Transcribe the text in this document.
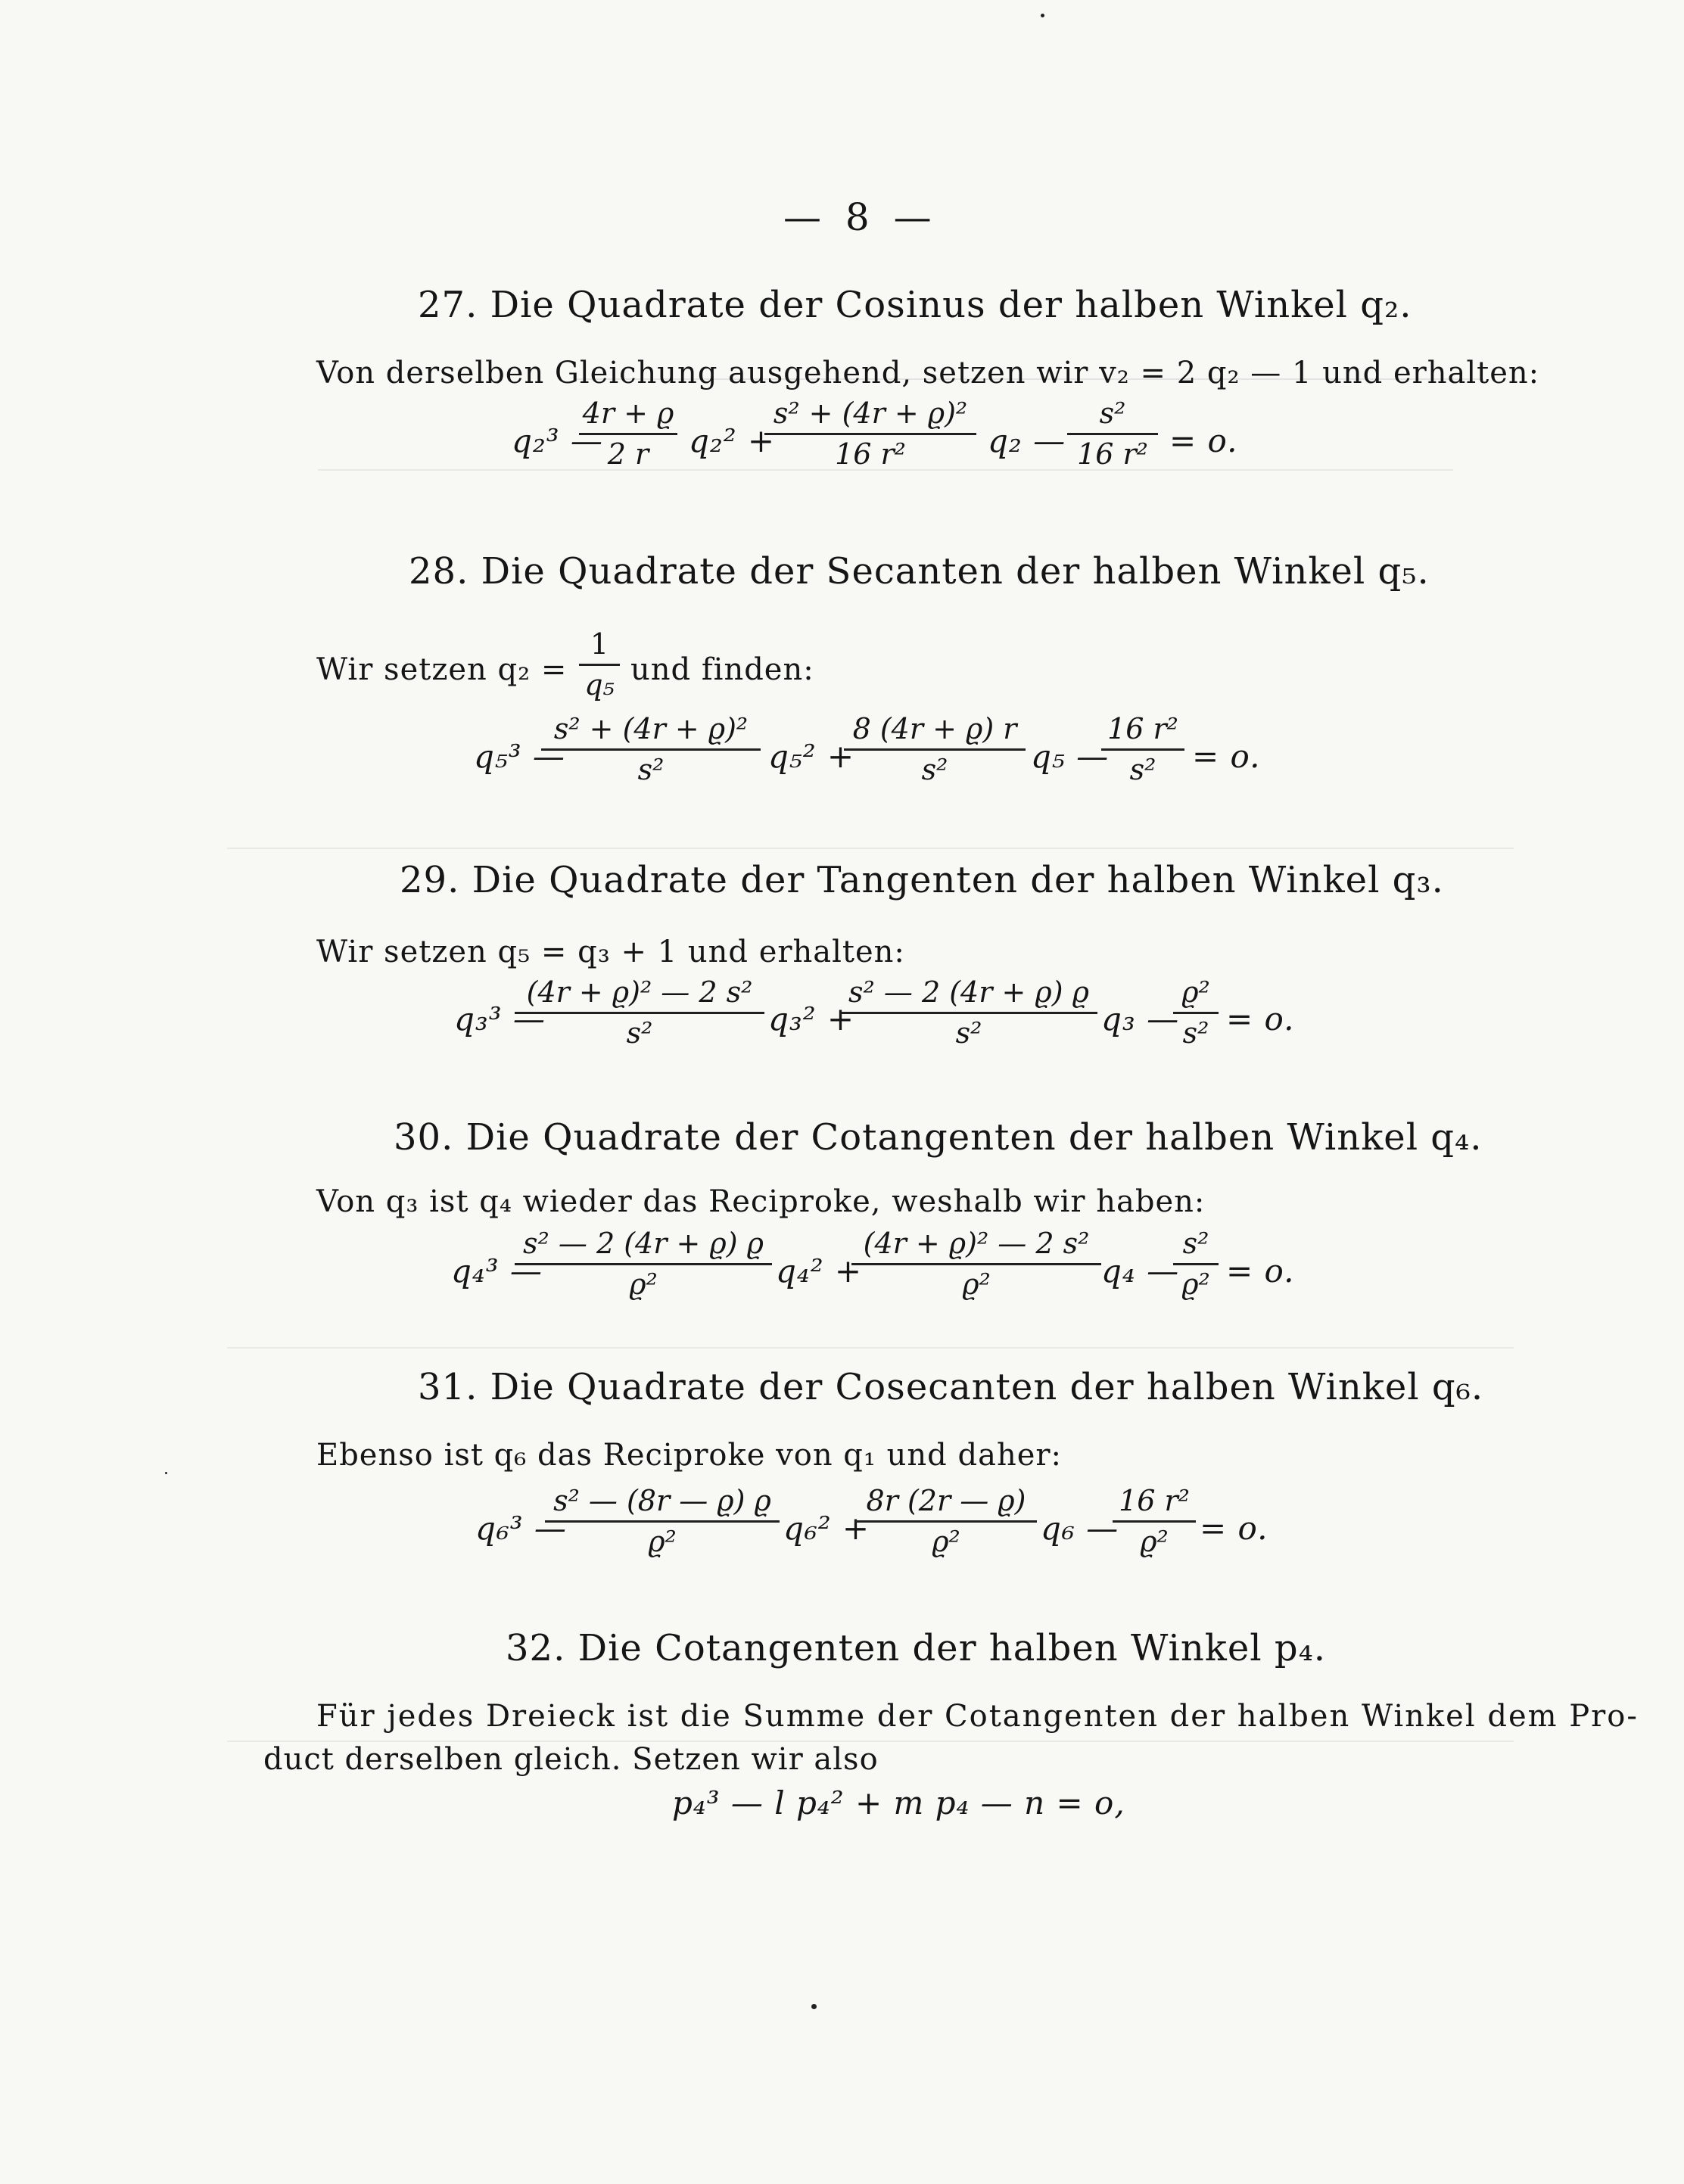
— 8 —
27. Die Quadrate der Cosinus der halben Winkel q₂.
Von derselben Gleichung ausgehend, setzen wir v₂ = 2 q₂ — 1 und erhalten:
q₂³ —
4r + ϱ
2 r	q₂² +
s² + (4r + ϱ)²
16 r²	q₂ —
s²
16 r² = o.
28. Die Quadrate der Secanten der halben Winkel q₅.
Wir setzen q₂ =
1
q₅ und finden:
q₅³ —
s² + (4r + ϱ)²
s²	q₅² +
8 (4r + ϱ) r
s²	q₅ —
16 r²
s²	= o.
29. Die Quadrate der Tangenten der halben Winkel q₃.
Wir setzen q₅ = q₃ + 1 und erhalten:
q₃³ —
(4r + ϱ)² — 2 s²
s²	q₃² +
s² — 2 (4r + ϱ) ϱ
s²	q₃ —
ϱ²
s² = o.
30. Die Quadrate der Cotangenten der halben Winkel q₄.
Von q₃ ist q₄ wieder das Reciproke, weshalb wir haben:
q₄³ —
s² — 2 (4r + ϱ) ϱ
ϱ²	q₄² +
(4r + ϱ)² — 2 s²
ϱ²	q₄ —
s²
ϱ² = o.
31. Die Quadrate der Cosecanten der halben Winkel q₆.
Ebenso ist q₆ das Reciproke von q₁ und daher:
q₆³ —
s² — (8r — ϱ) ϱ
ϱ²	q₆² +
8r (2r — ϱ)
ϱ²	q₆ —
16 r²
ϱ² = o.
32. Die Cotangenten der halben Winkel p₄.
Für jedes Dreieck ist die Summe der Cotangenten der halben Winkel dem Pro-
duct derselben gleich. Setzen wir also
p₄³ — l p₄² + m p₄ — n = o,
